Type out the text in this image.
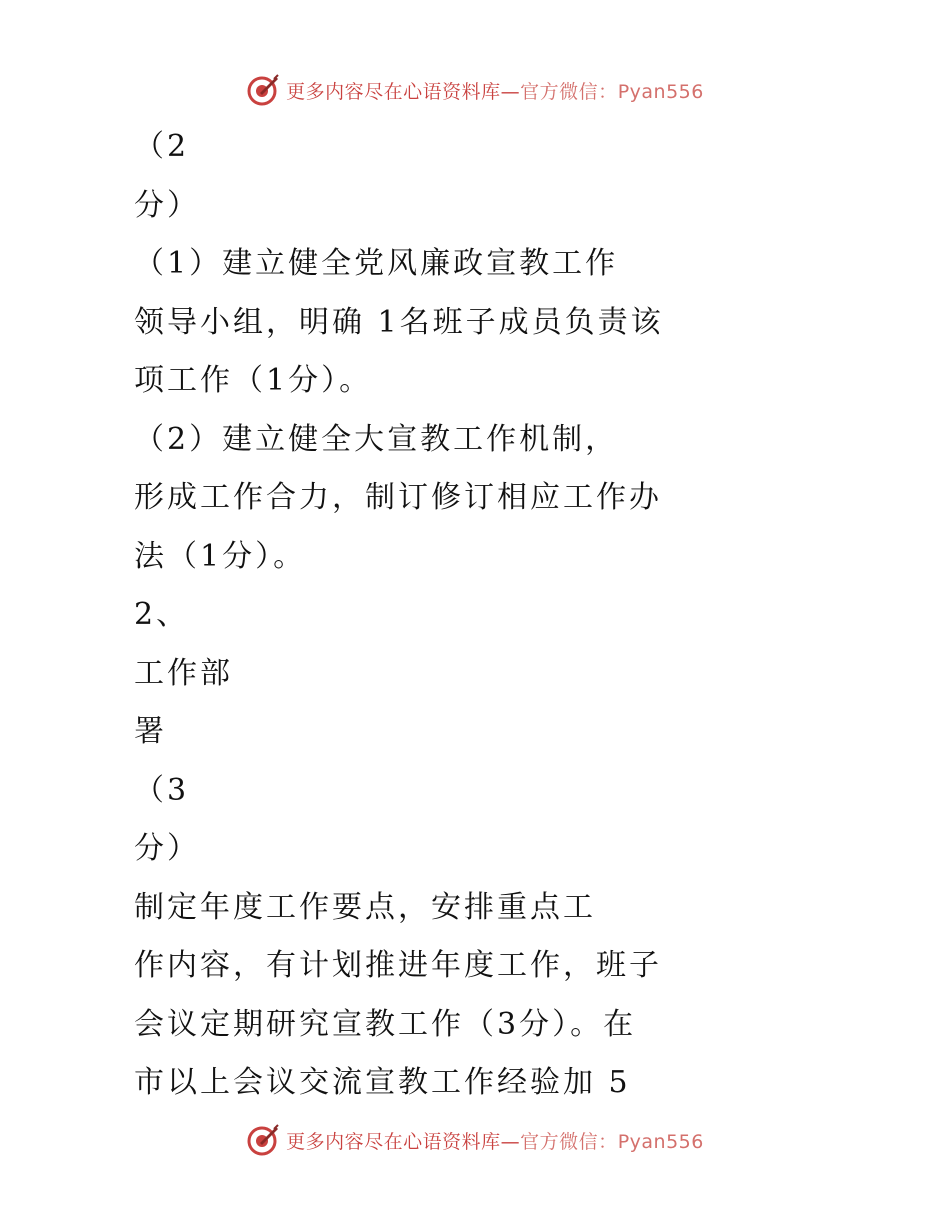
更多内容尽在心语资料库—官方微信：Pyan556
（2
分）
（1）建立健全党风廉政宣教工作
领导小组，明确 1名班子成员负责该
项工作（1分）。
（2）建立健全大宣教工作机制，
形成工作合力，制订修订相应工作办
法（1分）。
2、
工作部
署
（3
分）
制定年度工作要点，安排重点工
作内容，有计划推进年度工作，班子
会议定期研究宣教工作（3分）。在
市以上会议交流宣教工作经验加 5
更多内容尽在心语资料库—官方微信：Pyan556
